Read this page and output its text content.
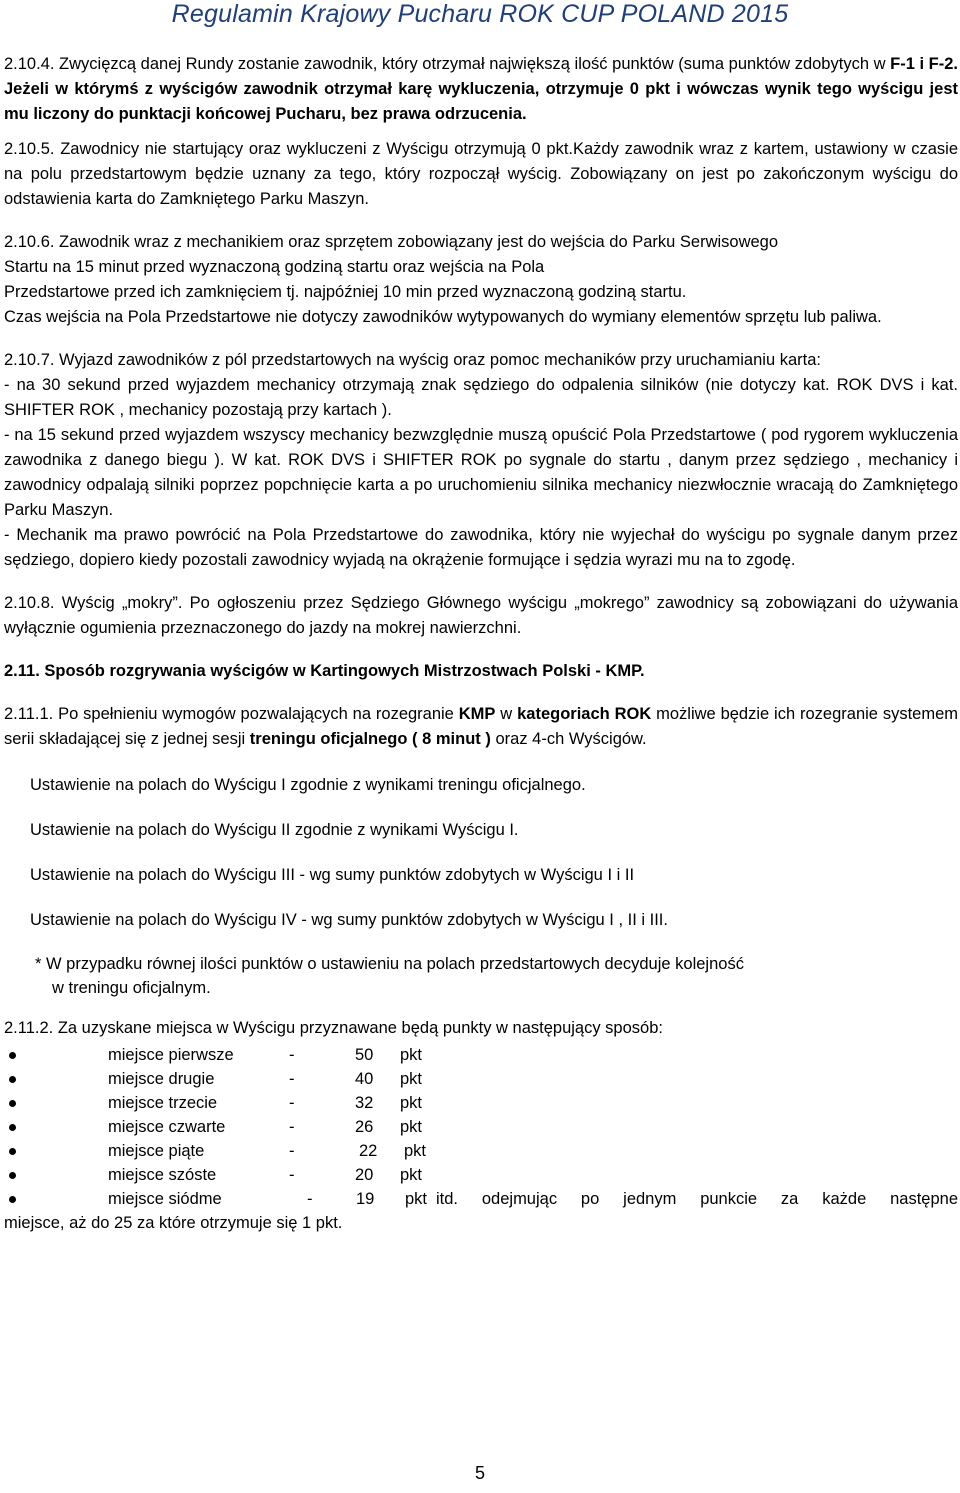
Regulamin Krajowy Pucharu ROK CUP POLAND 2015

2.10.4. Zwycięzcą danej Rundy zostanie zawodnik, który otrzymał największą ilość punktów (suma punktów zdobytych w F-1 i F-2. Jeżeli w którymś z wyścigów zawodnik otrzymał karę wykluczenia, otrzymuje 0 pkt i wówczas wynik tego wyścigu jest mu liczony do punktacji końcowej Pucharu, bez prawa odrzucenia.

2.10.5. Zawodnicy nie startujący oraz wykluczeni z Wyścigu otrzymują 0 pkt.Każdy zawodnik wraz z kartem, ustawiony w czasie na polu przedstartowym będzie uznany za tego, który rozpoczął wyścig. Zobowiązany on jest po zakończonym wyścigu do odstawienia karta do Zamkniętego Parku Maszyn.

2.10.6. Zawodnik wraz z mechanikiem oraz sprzętem zobowiązany jest do wejścia do Parku Serwisowego

Startu na 15 minut przed wyznaczoną godziną startu oraz wejścia na Pola

Przedstartowe przed ich zamknięciem tj. najpóźniej 10 min przed wyznaczoną godziną startu.

Czas wejścia na Pola Przedstartowe nie dotyczy zawodników wytypowanych do wymiany elementów sprzętu lub paliwa.

2.10.7. Wyjazd zawodników z pól przedstartowych na wyścig oraz pomoc mechaników przy uruchamianiu karta:

- na 30 sekund przed wyjazdem mechanicy otrzymają znak sędziego do odpalenia silników (nie dotyczy kat. ROK DVS i kat. SHIFTER ROK , mechanicy pozostają przy kartach ).

- na 15 sekund przed wyjazdem wszyscy mechanicy bezwzględnie muszą opuścić Pola Przedstartowe ( pod rygorem wykluczenia zawodnika z danego biegu ). W kat. ROK DVS i SHIFTER ROK po sygnale do startu , danym przez sędziego , mechanicy i zawodnicy odpalają silniki poprzez popchnięcie karta a po uruchomieniu silnika mechanicy niezwłocznie wracają do Zamkniętego Parku Maszyn.

- Mechanik ma prawo powrócić na Pola Przedstartowe do zawodnika, który nie wyjechał do wyścigu po sygnale danym przez sędziego, dopiero kiedy pozostali zawodnicy wyjadą na okrążenie formujące i sędzia wyrazi mu na to zgodę.

2.10.8. Wyścig „mokry”. Po ogłoszeniu przez Sędziego Głównego wyścigu „mokrego” zawodnicy są zobowiązani do używania wyłącznie ogumienia przeznaczonego do jazdy na mokrej nawierzchni.

2.11. Sposób rozgrywania wyścigów w Kartingowych Mistrzostwach Polski - KMP.

2.11.1. Po spełnieniu wymogów pozwalających na rozegranie KMP w kategoriach ROK możliwe będzie ich rozegranie systemem serii składającej się z jednej sesji treningu oficjalnego ( 8 minut ) oraz 4-ch Wyścigów.

Ustawienie na polach do Wyścigu I zgodnie z wynikami treningu oficjalnego.

Ustawienie na polach do Wyścigu II zgodnie z wynikami Wyścigu I.

Ustawienie na polach do Wyścigu III - wg sumy punktów zdobytych w Wyścigu I i II

Ustawienie na polach do Wyścigu IV - wg sumy punktów zdobytych w Wyścigu I , II i III.

* W przypadku równej ilości punktów o ustawieniu na polach przedstartowych decyduje kolejność
w treningu oficjalnym.

2.11.2. Za uzyskane miejsca w Wyścigu przyznawane będą punkty w następujący sposób:

miejsce pierwsze	-	50 pkt
miejsce drugie	-	40 pkt
miejsce trzecie	-	32 pkt
miejsce czwarte	-	26 pkt
miejsce piąte	-	22 pkt
miejsce szóste	-	20 pkt
miejsce siódme	-	19 pkt itd. odejmując po jednym punkcie za każde następne

miejsce, aż do 25 za które otrzymuje się 1 pkt.

5
